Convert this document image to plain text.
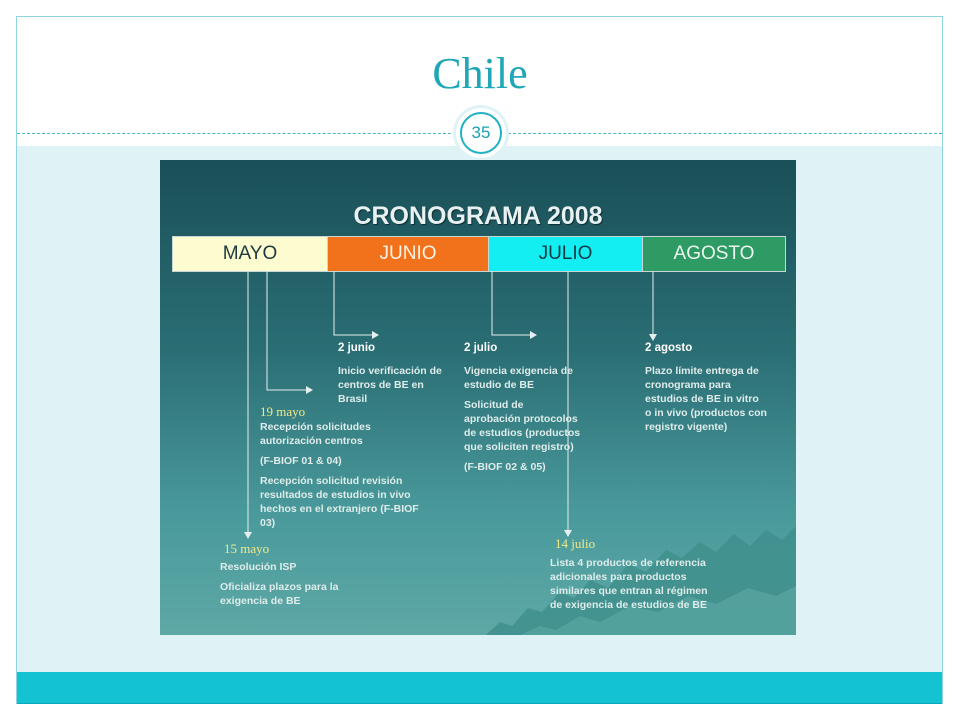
Chile
35
CRONOGRAMA 2008
MAYO	JUNIO	JULIO	AGOSTO
2 junio

Inicio verificación de centros de BE en Brasil

2 julio

Vigencia exigencia de estudio de BE

Solicitud de aprobación protocolos de estudios (productos que soliciten registro)

(F-BIOF 02 & 05)

2 agosto

Plazo límite entrega de cronograma para estudios de BE in vitro o in vivo (productos con registro vigente)

19 mayo

Recepción solicitudes autorización centros

(F-BIOF 01 & 04)

Recepción solicitud revisión resultados de estudios in vivo hechos en el extranjero (F-BIOF 03)

15 mayo

Resolución ISP

Oficializa plazos para la exigencia de BE

14 julio

Lista 4 productos de referencia adicionales para productos similares que entran al régimen de exigencia de estudios de BE
